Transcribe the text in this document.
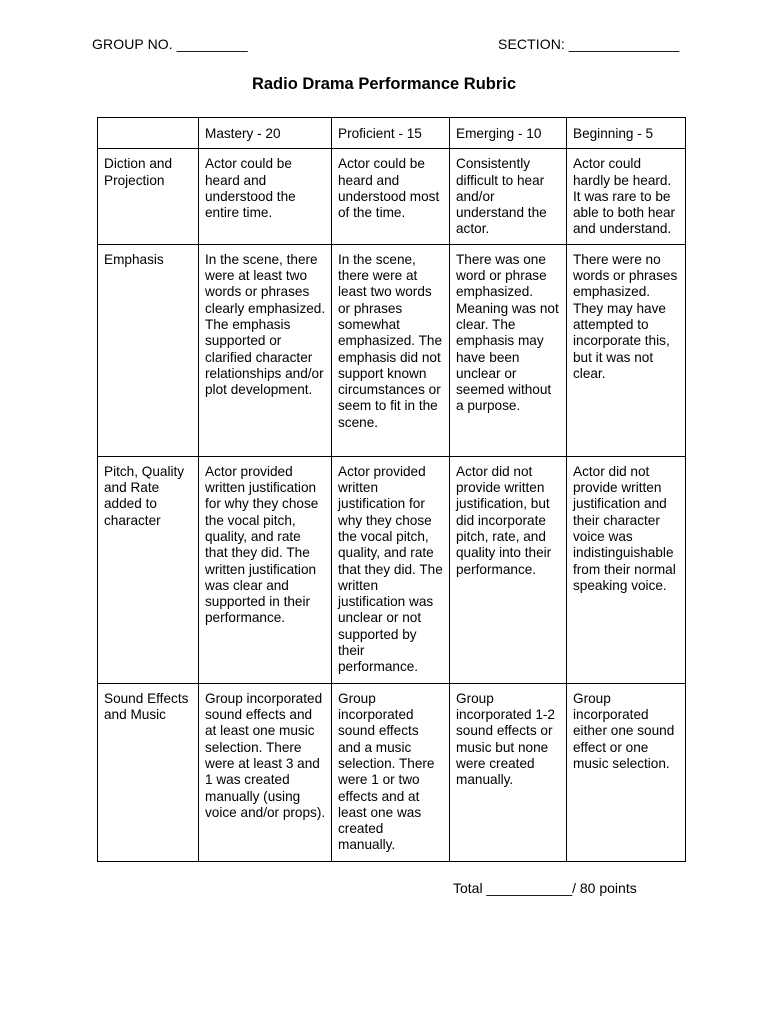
GROUP NO. _________	SECTION: ______________
Radio Drama Performance Rubric
	Mastery - 20	Proficient - 15	Emerging - 10	Beginning - 5
Diction and Projection	Actor could be heard and understood the entire time.	Actor could be heard and understood most of the time.	Consistently difficult to hear and/or understand the actor.	Actor could hardly be heard. It was rare to be able to both hear and understand.
Emphasis	In the scene, there were at least two words or phrases clearly emphasized. The emphasis supported or clarified character relationships and/or plot development.	In the scene, there were at least two words or phrases somewhat emphasized. The emphasis did not support known circumstances or seem to fit in the scene.	There was one word or phrase emphasized. Meaning was not clear. The emphasis may have been unclear or seemed without a purpose.	There were no words or phrases emphasized. They may have attempted to incorporate this, but it was not clear.
Pitch, Quality and Rate added to character	Actor provided written justification for why they chose the vocal pitch, quality, and rate that they did. The written justification was clear and supported in their performance.	Actor provided written justification for why they chose the vocal pitch, quality, and rate that they did. The written justification was unclear or not supported by their performance.	Actor did not provide written justification, but did incorporate pitch, rate, and quality into their performance.	Actor did not provide written justification and their character voice was indistinguishable from their normal speaking voice.
Sound Effects and Music	Group incorporated sound effects and at least one music selection. There were at least 3 and 1 was created manually (using voice and/or props).	Group incorporated sound effects and a music selection. There were 1 or two effects and at least one was created manually.	Group incorporated 1-2 sound effects or music but none were created manually.	Group incorporated either one sound effect or one music selection.
Total ___________/ 80 points
